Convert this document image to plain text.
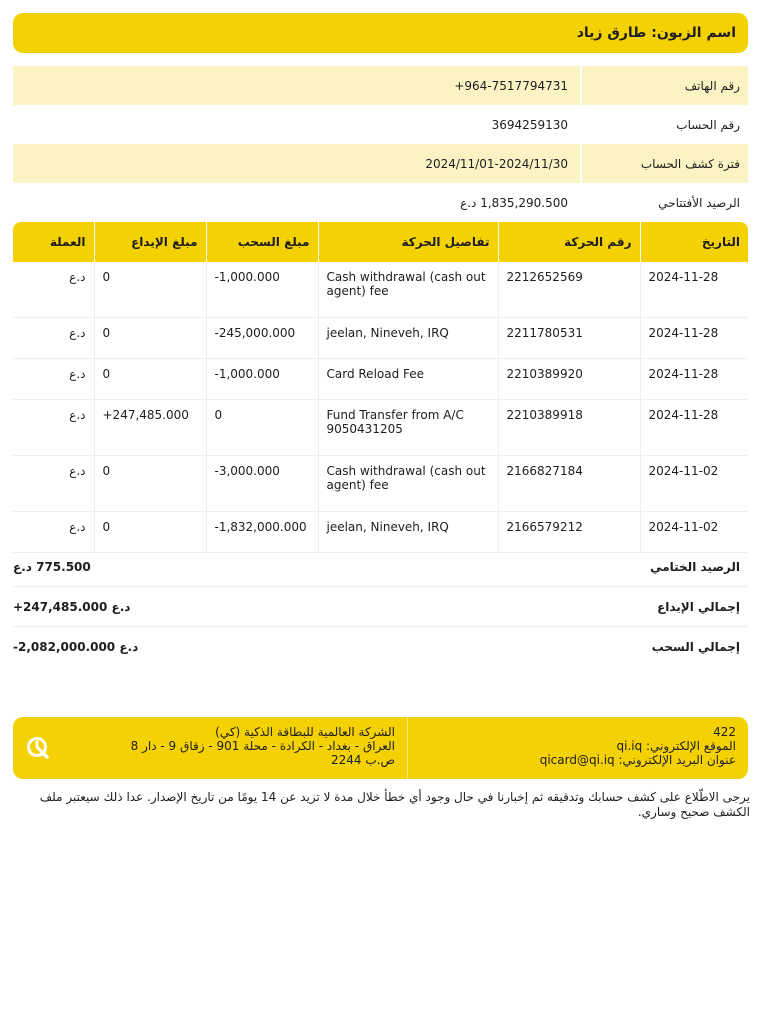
اسم الزبون: طارق زياد
رقم الهاتف
+964-7517794731
رقم الحساب
3694259130
فترة كشف الحساب
2024/11/01-2024/11/30
الرصيد الأفتتاحي
1,835,290.500 د.ع
التاريخ	رقم الحركة	تفاصيل الحركة	مبلغ السحب	مبلغ الإيداع	العملة
2024-11-28	2212652569	Cash withdrawal (cash out agent) fee	-1,000.000	0	د.ع
2024-11-28	2211780531	jeelan, Nineveh, IRQ	-245,000.000	0	د.ع
2024-11-28	2210389920	Card Reload Fee	-1,000.000	0	د.ع
2024-11-28	2210389918	Fund Transfer from A/C 9050431205	0	+247,485.000	د.ع
2024-11-02	2166827184	Cash withdrawal (cash out agent) fee	-3,000.000	0	د.ع
2024-11-02	2166579212	jeelan, Nineveh, IRQ	-1,832,000.000	0	د.ع
الرصيد الختامي
775.500 د.ع
إجمالي الإيداع
+247,485.000 د.ع
إجمالي السحب
-2,082,000.000 د.ع
422
الموقع الإلكتروني: qi.iq
عنوان البريد الإلكتروني: qicard@qi.iq
الشركة العالمية للبطاقة الذكية (كي)
العراق - بغداد - الكرادة - محلة 901 - زقاق 9 - دار 8
ص.ب 2244
يرجى الاطّلاع على كشف حسابك وتدقيقه ثم إخبارنا في حال وجود أي خطأ خلال مدة لا تزيد عن 14 يومًا من تاريخ الإصدار. عدا ذلك سيعتبر ملف الكشف صحيح وساري.
